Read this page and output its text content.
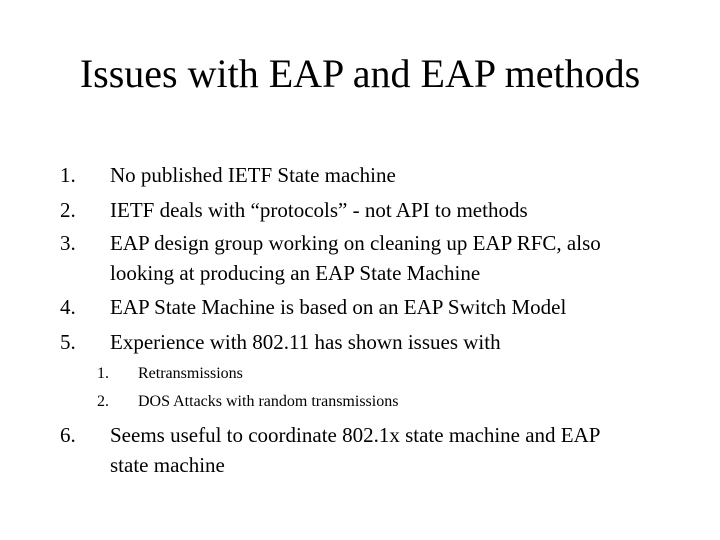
Issues with EAP and EAP methods
1.	No published IETF State machine
2.	IETF deals with “protocols” - not API to methods
3.	EAP design group working on cleaning up EAP RFC, also looking at producing an EAP State Machine
4.	EAP State Machine is based on an EAP Switch Model
5.	Experience with 802.11 has shown issues with
1.	Retransmissions
2.	DOS Attacks with random transmissions
6.	Seems useful to coordinate 802.1x state machine and EAP state machine
